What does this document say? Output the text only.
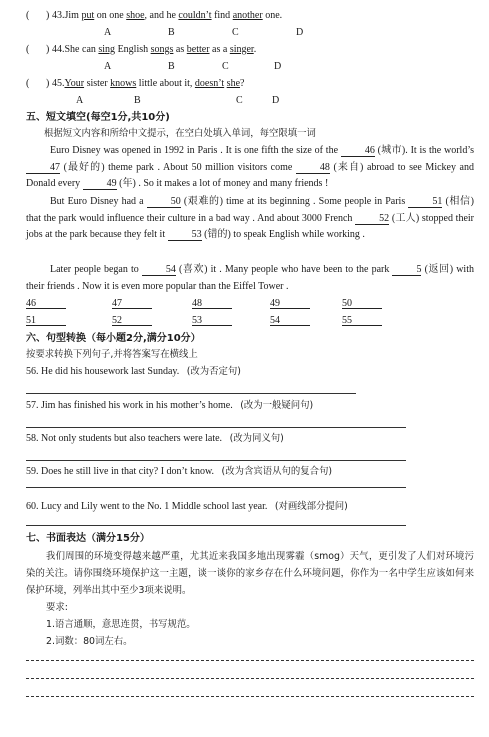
( ) 43.Jim put on one shoe, and he couldn’t find another one.
A	B	C	D
( ) 44.She can sing English songs as better as a singer.
A	B	C	D
( ) 45.Your sister knows little about it, doesn’t she?
A	B	C	D
五、短文填空(每空1分,共10分)
根据短文内容和所给中文提示，在空白处填入单词，每空限填一词
Euro Disney was opened in 1992 in Paris . It is one fifth the size of the 46 (城市). It is the world’s 47 (最好的) theme park . About 50 million visitors come 48 (来自) abroad to see Mickey and Donald every 49 (年) . So it makes a lot of money and many friends !
But Euro Disney had a 50 (艰难的) time at its beginning . Some people in Paris 51 (相信) that the park would influence their culture in a bad way . And about 3000 French 52 (工人) stopped their jobs at the park because they felt it 53 (错的) to speak English while working .
Later people began to 54 (喜欢) it . Many people who have been to the park 5 (返回) with their friends . Now it is even more popular than the Eiffel Tower .
46	47	48	49	50
51	52	53	54	55
六、句型转换（每小题2分,满分10分）
按要求转换下列句子,并将答案写在横线上
56. He did his housework last Sunday. (改为否定句)
57. Jim has finished his work in his mother’s home. (改为一般疑问句)
58. Not only students but also teachers were late. (改为同义句)
59. Does he still live in that city? I don’t know. (改为含宾语从句的复合句)
60. Lucy and Lily went to the No. 1 Middle school last year. (对画线部分提问)
七、书面表达（满分15分）
我们周围的环境变得越来越严重，尤其近来我国多地出现雾霾（smog）天气，更引发了人们对环境污染的关注。请你围绕环境保护这一主题，谈一谈你的家乡存在什么环境问题，你作为一名中学生应该如何来保护环境，列举出其中至少3项来说明。
要求:
1.语言通顺，意思连贯，书写规范。
2.词数：80词左右。
